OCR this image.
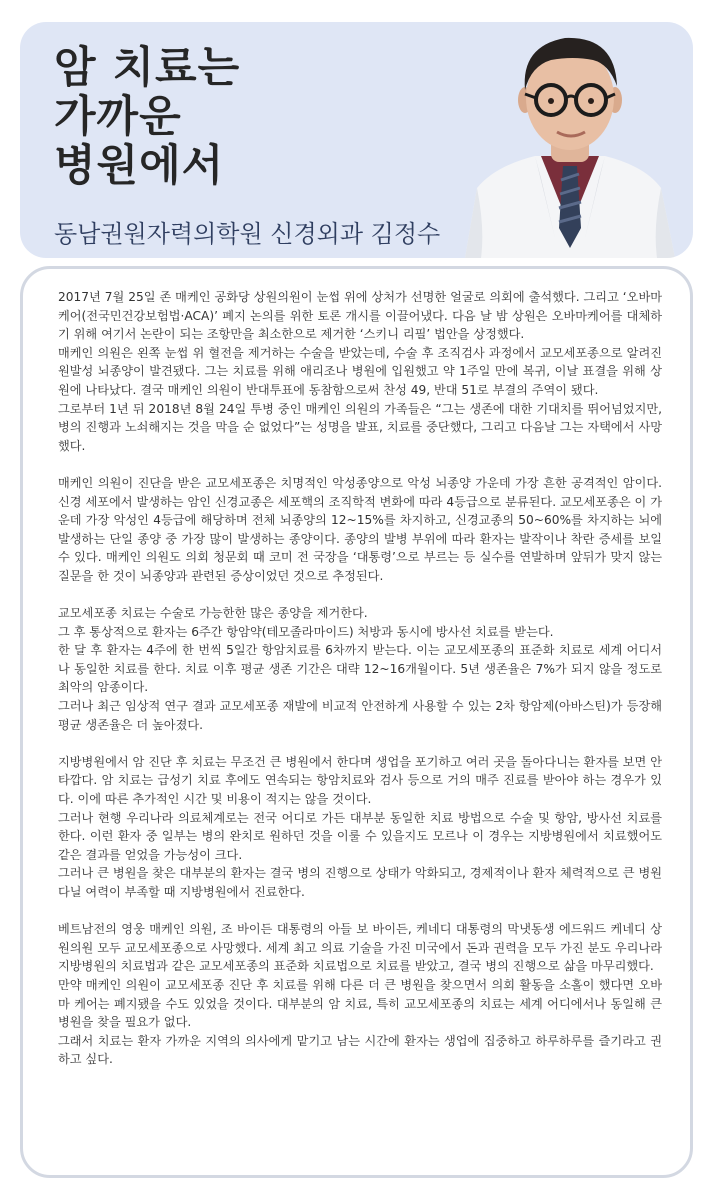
암 치료는
가까운
병원에서
동남권원자력의학원 신경외과 김정수

2017년 7월 25일 존 매케인 공화당 상원의원이 눈썹 위에 상처가 선명한 얼굴로 의회에 출석했다. 그리고 ‘오바마 케어(전국민건강보험법·ACA)’ 폐지 논의를 위한 토론 개시를 이끌어냈다. 다음 날 밤 상원은 오바마케어를 대체하기 위해 여기서 논란이 되는 조항만을 최소한으로 제거한 ‘스키니 리필’ 법안을 상정했다.
매케인 의원은 왼쪽 눈썹 위 혈전을 제거하는 수술을 받았는데, 수술 후 조직검사 과정에서 교모세포종으로 알려진 원발성 뇌종양이 발견됐다. 그는 치료를 위해 애리조나 병원에 입원했고 약 1주일 만에 복귀, 이날 표결을 위해 상원에 나타났다. 결국 매케인 의원이 반대투표에 동참함으로써 찬성 49, 반대 51로 부결의 주역이 됐다.
그로부터 1년 뒤 2018년 8월 24일 투병 중인 매케인 의원의 가족들은 “그는 생존에 대한 기대치를 뛰어넘었지만, 병의 진행과 노쇠해지는 것을 막을 순 없었다”는 성명을 발표, 치료를 중단했다, 그리고 다음날 그는 자택에서 사망했다.

매케인 의원이 진단을 받은 교모세포종은 치명적인 악성종양으로 악성 뇌종양 가운데 가장 흔한 공격적인 암이다. 신경 세포에서 발생하는 암인 신경교종은 세포핵의 조직학적 변화에 따라 4등급으로 분류된다. 교모세포종은 이 가운데 가장 악성인 4등급에 해당하며 전체 뇌종양의 12~15%를 차지하고, 신경교종의 50~60%를 차지하는 뇌에 발생하는 단일 종양 중 가장 많이 발생하는 종양이다. 종양의 발병 부위에 따라 환자는 발작이나 착란 증세를 보일 수 있다. 매케인 의원도 의회 청문회 때 코미 전 국장을 ‘대통령’으로 부르는 등 실수를 연발하며 앞뒤가 맞지 않는 질문을 한 것이 뇌종양과 관련된 증상이었던 것으로 추정된다.

교모세포종 치료는 수술로 가능한한 많은 종양을 제거한다.
그 후 통상적으로 환자는 6주간 항암약(테모졸라마이드) 처방과 동시에 방사선 치료를 받는다.
한 달 후 환자는 4주에 한 번씩 5일간 항암치료를 6차까지 받는다. 이는 교모세포종의 표준화 치료로 세계 어디서나 동일한 치료를 한다. 치료 이후 평균 생존 기간은 대략 12~16개월이다. 5년 생존율은 7%가 되지 않을 정도로 최악의 암종이다.
그러나 최근 임상적 연구 결과 교모세포종 재발에 비교적 안전하게 사용할 수 있는 2차 항암제(아바스틴)가 등장해 평균 생존율은 더 높아졌다.

지방병원에서 암 진단 후 치료는 무조건 큰 병원에서 한다며 생업을 포기하고 여러 곳을 돌아다니는 환자를 보면 안타깝다. 암 치료는 급성기 치료 후에도 연속되는 항암치료와 검사 등으로 거의 매주 진료를 받아야 하는 경우가 있다. 이에 따른 추가적인 시간 및 비용이 적지는 않을 것이다.
그러나 현행 우리나라 의료체계로는 전국 어디로 가든 대부분 동일한 치료 방법으로 수술 및 항암, 방사선 치료를 한다. 이런 환자 중 일부는 병의 완치로 원하던 것을 이룰 수 있을지도 모르나 이 경우는 지방병원에서 치료했어도 같은 결과를 얻었을 가능성이 크다.
그러나 큰 병원을 찾은 대부분의 환자는 결국 병의 진행으로 상태가 악화되고, 경제적이나 환자 체력적으로 큰 병원 다닐 여력이 부족할 때 지방병원에서 진료한다.

베트남전의 영웅 매케인 의원, 조 바이든 대통령의 아들 보 바이든, 케네디 대통령의 막냇동생 에드워드 케네디 상원의원 모두 교모세포종으로 사망했다. 세계 최고 의료 기술을 가진 미국에서 돈과 권력을 모두 가진 분도 우리나라 지방병원의 치료법과 같은 교모세포종의 표준화 치료법으로 치료를 받았고, 결국 병의 진행으로 삶을 마무리했다.
만약 매케인 의원이 교모세포종 진단 후 치료를 위해 다른 더 큰 병원을 찾으면서 의회 활동을 소홀이 했다면 오바마 케어는 폐지됐을 수도 있었을 것이다. 대부분의 암 치료, 특히 교모세포종의 치료는 세계 어디에서나 동일해 큰 병원을 찾을 필요가 없다.
그래서 치료는 환자 가까운 지역의 의사에게 맡기고 남는 시간에 환자는 생업에 집중하고 하루하루를 즐기라고 권하고 싶다.
